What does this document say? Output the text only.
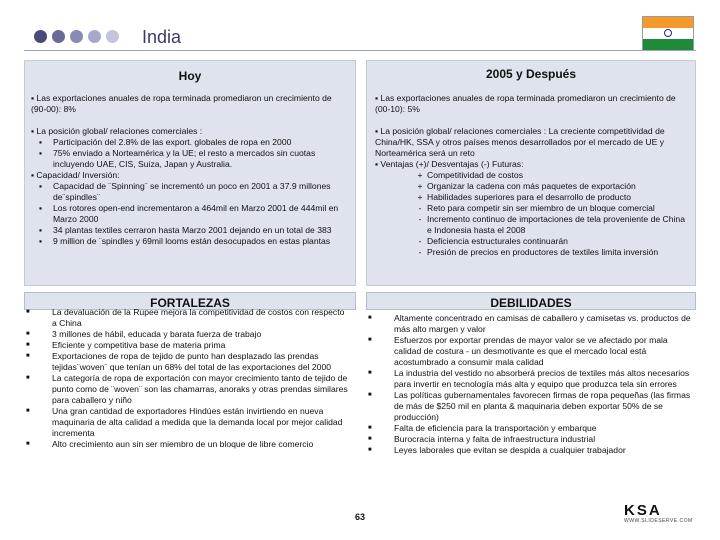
India
Hoy

▪ Las exportaciones anuales de ropa terminada promediaron un crecimiento de (90-00): 8%

▪ La posición global/ relaciones comerciales :

▪ Participación del 2.8% de las export. globales de ropa en 2000
▪ 75% enviado a Norteamérica y la UE; el resto a mercados sin cuotas incluyendo UAE, CIS, Suiza, Japan y Australia.

▪ Capacidad/ Inversión:

▪ Capacidad de ¨Spinning¨ se incrementó un poco en 2001 a 37.9 millones de¨spindles¨
▪ Los rotores open-end incrementaron a 464mil en Marzo 2001 de 444mil en Marzo 2000
▪ 34 plantas textiles cerraron hasta Marzo 2001 dejando en un total de 383
▪ 9 million de ¨spindles y 69mil looms están desocupados en estas plantas
2005 y Después

▪ Las exportaciones anuales de ropa terminada promediaron un crecimiento de (00-10): 5%

▪ La posición global/ relaciones comerciales : La creciente competitividad de China/HK, SSA y otros países menos desarrollados por el mercado de UE y Norteamérica será un reto

▪ Ventajas (+)/ Desventajas (-) Futuras:

+ Competitividad de costos
+ Organizar la cadena con más paquetes de exportación
+ Habilidades superiores para el desarrollo de producto
- Reto para competir sin ser miembro de un bloque comercial
- Incremento continuo de importaciones de tela proveniente de China e Indonesia hasta el 2008
- Deficiencia estructurales continuarán
- Presión de precios en productores de textiles limita inversión
FORTALEZAS
■	La devaluación de la Rupee mejora la competitividad de costos con respecto a China
■	3 millones de hábil, educada y barata fuerza de trabajo
■	Eficiente y competitiva base de materia prima
■	Exportaciones de ropa de tejido de punto han desplazado las prendas tejidas¨woven¨ que tenían un 68% del total de las exportaciones del 2000
■	La categoría de ropa de exportación con mayor crecimiento tanto de tejido de punto como de ¨woven¨ son las chamarras, anoraks y otras prendas similares para caballero y niño
■	Una gran cantidad de exportadores Hindúes están invirtiendo en nueva maquinaria de alta calidad a medida que la demanda local por mejor calidad incrementa
■	Alto crecimiento aun sin ser miembro de un bloque de libre comercio
DEBILIDADES
■	Altamente concentrado en camisas de caballero y camisetas vs. productos de más alto margen y valor
■	Esfuerzos por exportar prendas de mayor valor se ve afectado por mala calidad de costura - un desmotivante es que el mercado local está acostumbrado a consumir mala calidad
■	La industria del vestido no absorberá precios de textiles más altos necesarios para invertir en tecnología más alta y equipo que produzca tela sin errores
■	Las políticas gubernamentales favorecen firmas de ropa pequeñas (las firmas de más de $250 mil en planta & maquinaria deben exportar 50% de se producción)
■	Falta de eficiencia para la transportación y embarque
■	Burocracia interna y falta de infraestructura industrial
■	Leyes laborales que evitan se despida a cualquier trabajador
63	KSA
WWW.SLIDESERVE.COM
